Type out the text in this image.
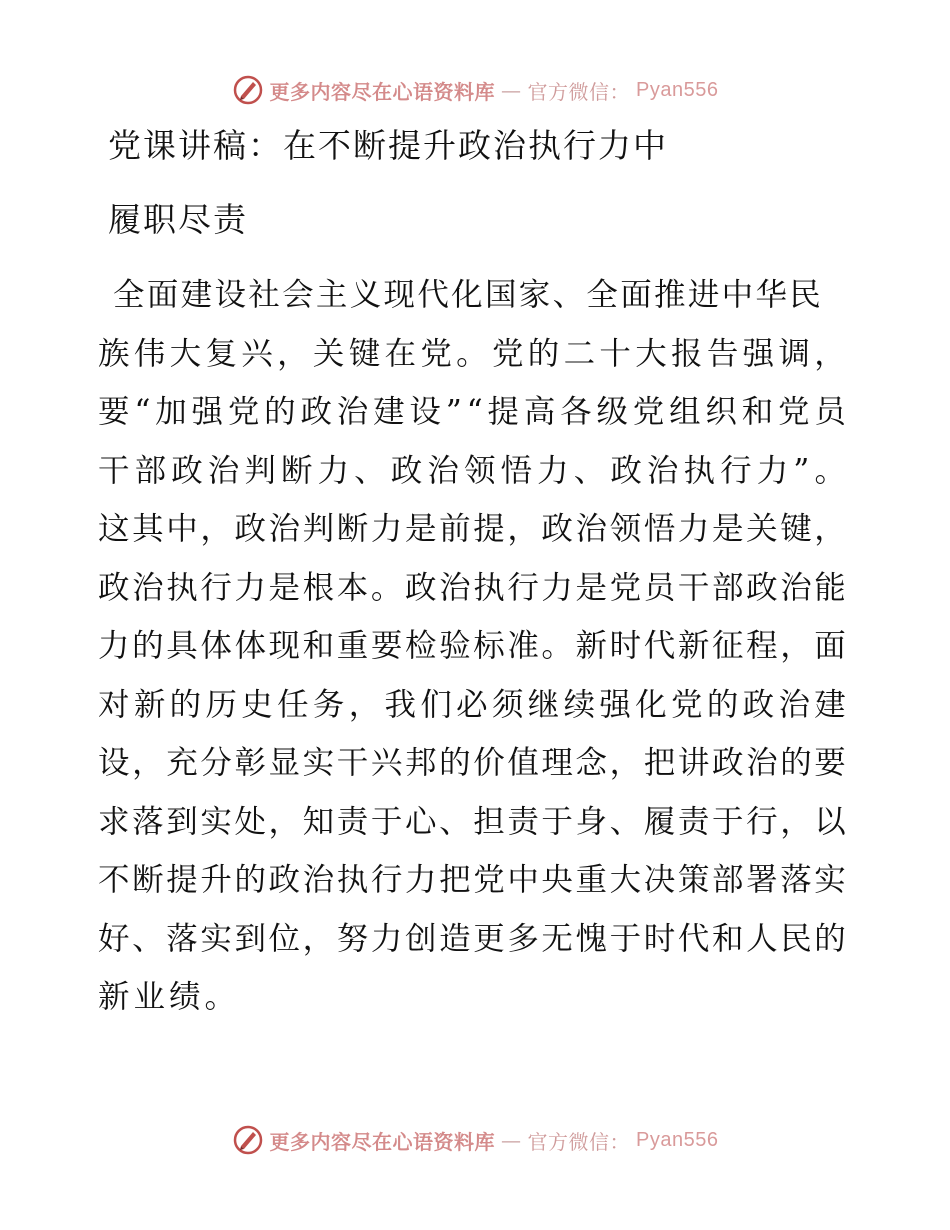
更多内容尽在心语资料库 — 官方微信： Pyan556
党课讲稿：在不断提升政治执行力中
履职尽责
全 面 建 设 社 会 主 义 现 代 化 国 家 、 全 面 推 进 中 华 民
族 伟 大 复 兴 ， 关 键 在 党 。 党 的 二 十 大 报 告 强 调 ，
要 “ 加 强 党 的 政 治 建 设 ” “ 提 高 各 级 党 组 织 和 党 员
干 部 政 治 判 断 力 、 政 治 领 悟 力 、 政 治 执 行 力 ” 。
这 其 中 ， 政 治 判 断 力 是 前 提 ， 政 治 领 悟 力 是 关 键 ，
政 治 执 行 力 是 根 本 。 政 治 执 行 力 是 党 员 干 部 政 治 能
力 的 具 体 体 现 和 重 要 检 验 标 准 。 新 时 代 新 征 程 ， 面
对 新 的 历 史 任 务 ， 我 们 必 须 继 续 强 化 党 的 政 治 建
设 ， 充 分 彰 显 实 干 兴 邦 的 价 值 理 念 ， 把 讲 政 治 的 要
求 落 到 实 处 ， 知 责 于 心 、 担 责 于 身 、 履 责 于 行 ， 以
不 断 提 升 的 政 治 执 行 力 把 党 中 央 重 大 决 策 部 署 落 实
好 、 落 实 到 位 ， 努 力 创 造 更 多 无 愧 于 时 代 和 人 民 的
新业绩。
更多内容尽在心语资料库 — 官方微信： Pyan556
